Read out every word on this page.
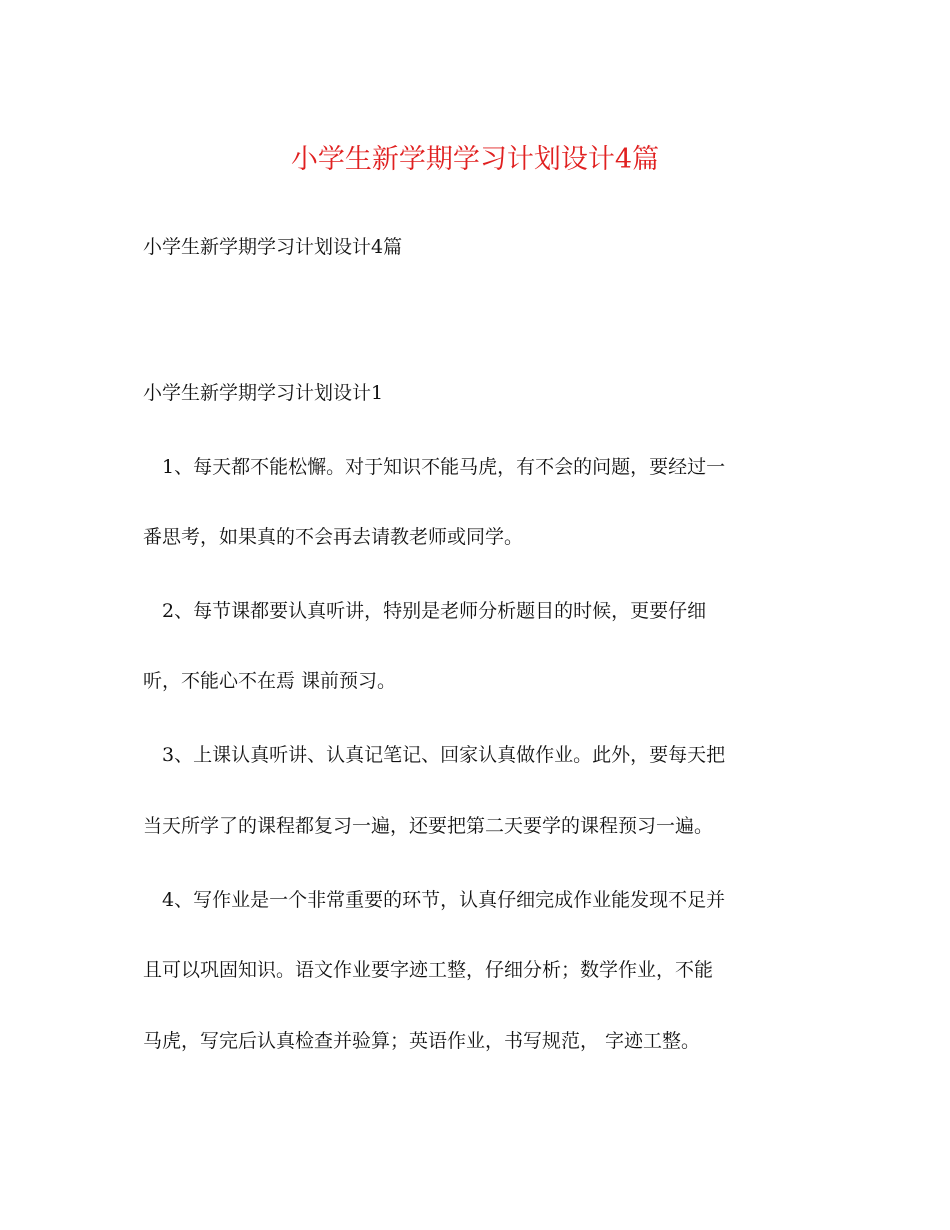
小学生新学期学习计划设计4篇

小学生新学期学习计划设计4篇

小学生新学期学习计划设计1

1、每天都不能松懈。对于知识不能马虎，有不会的问题，要经过一

番思考，如果真的不会再去请教老师或同学。

2、每节课都要认真听讲，特别是老师分析题目的时候，更要仔细

听，不能心不在焉 课前预习。

3、上课认真听讲、认真记笔记、回家认真做作业。此外，要每天把

当天所学了的课程都复习一遍，还要把第二天要学的课程预习一遍。

4、写作业是一个非常重要的环节，认真仔细完成作业能发现不足并

且可以巩固知识。语文作业要字迹工整，仔细分析；数学作业，不能

马虎，写完后认真检查并验算；英语作业，书写规范， 字迹工整。
